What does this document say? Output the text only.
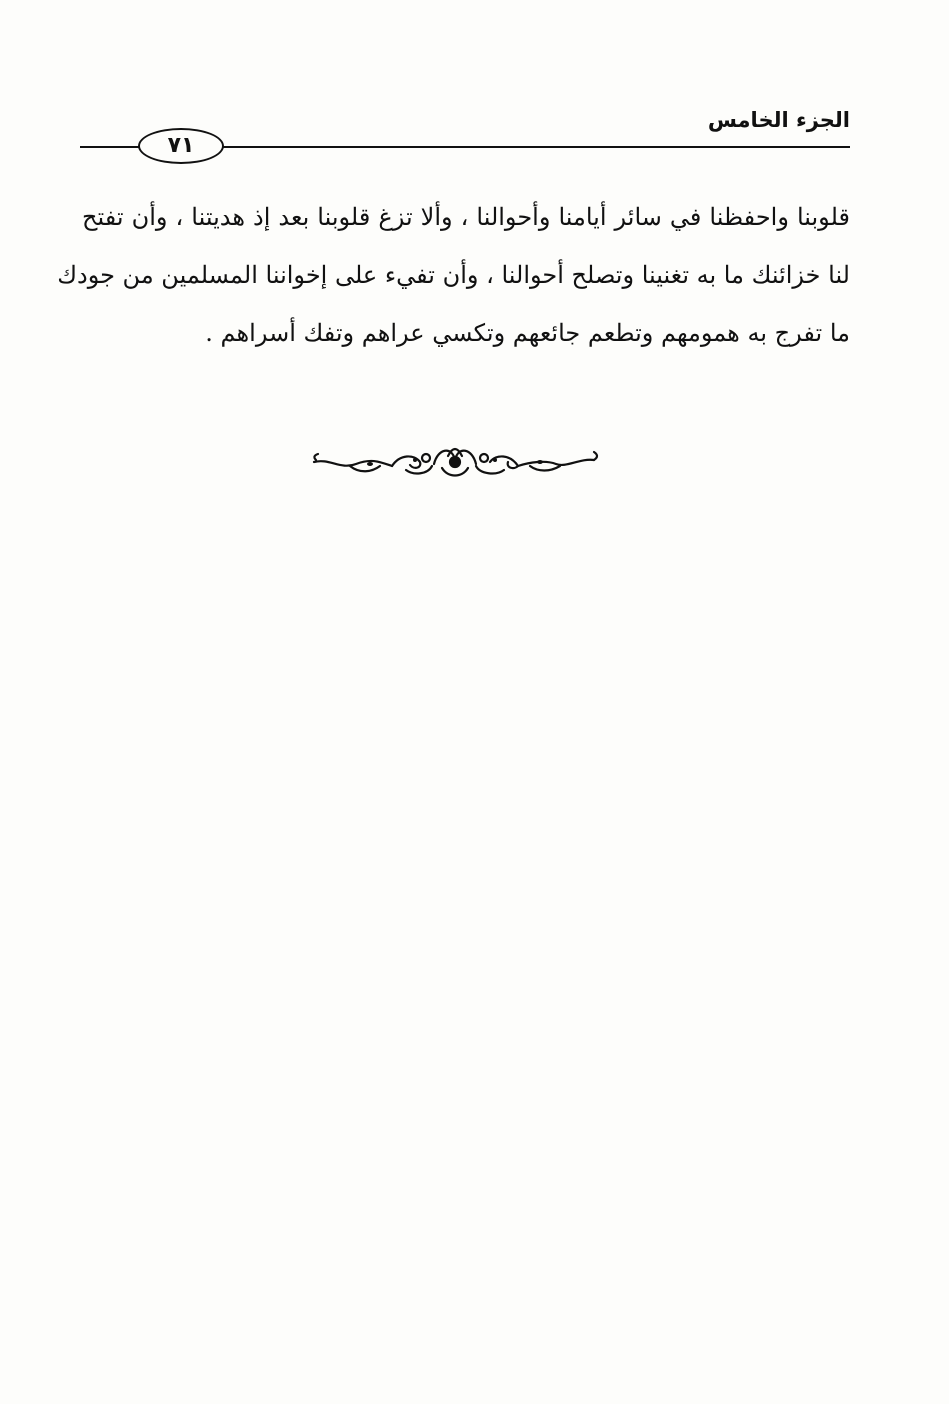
الجزء الخامس
٧١
قلوبنا واحفظنا في سائر أيامنا وأحوالنا ، وألا تزغ قلوبنا بعد إذ هديتنا ، وأن تفتح
لنا خزائنك ما به تغنينا وتصلح أحوالنا ، وأن تفيء على إخواننا المسلمين من جودك
ما تفرج به همومهم وتطعم جائعهم وتكسي عراهم وتفك أسراهم .
